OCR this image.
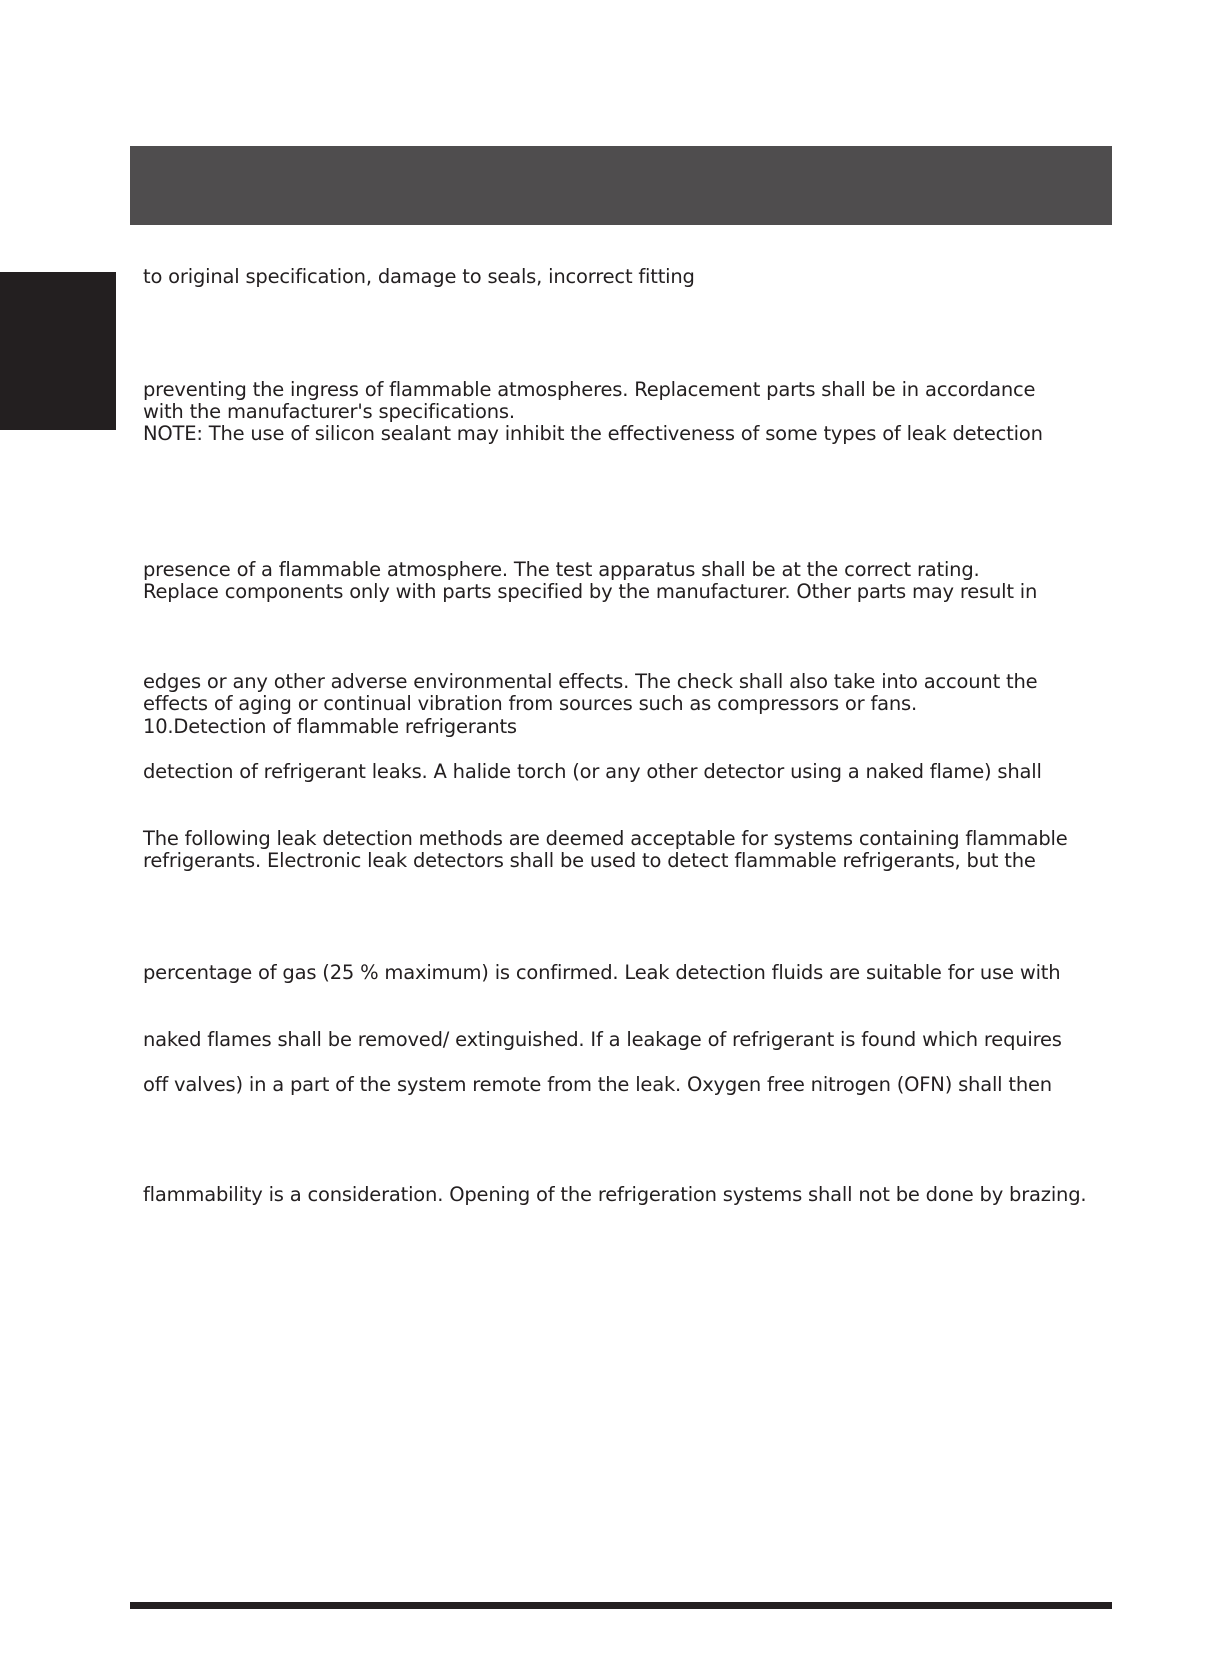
to original specification, damage to seals, incorrect fitting

preventing the ingress of flammable atmospheres. Replacement parts shall be in accordance

with the manufacturer's specifications.

NOTE: The use of silicon sealant may inhibit the effectiveness of some types of leak detection

presence of a flammable atmosphere. The test apparatus shall be at the correct rating.

Replace components only with parts specified by the manufacturer. Other parts may result in

edges or any other adverse environmental effects. The check shall also take into account the

effects of aging or continual vibration from sources such as compressors or fans.

10.Detection of flammable refrigerants

detection of refrigerant leaks. A halide torch (or any other detector using a naked flame) shall

The following leak detection methods are deemed acceptable for systems containing flammable

refrigerants. Electronic leak detectors shall be used to detect flammable refrigerants, but the

percentage of gas (25 % maximum) is confirmed. Leak detection fluids are suitable for use with

naked flames shall be removed/ extinguished. If a leakage of refrigerant is found which requires

off valves) in a part of the system remote from the leak. Oxygen free nitrogen (OFN) shall then

flammability is a consideration. Opening of the refrigeration systems shall not be done by brazing.
